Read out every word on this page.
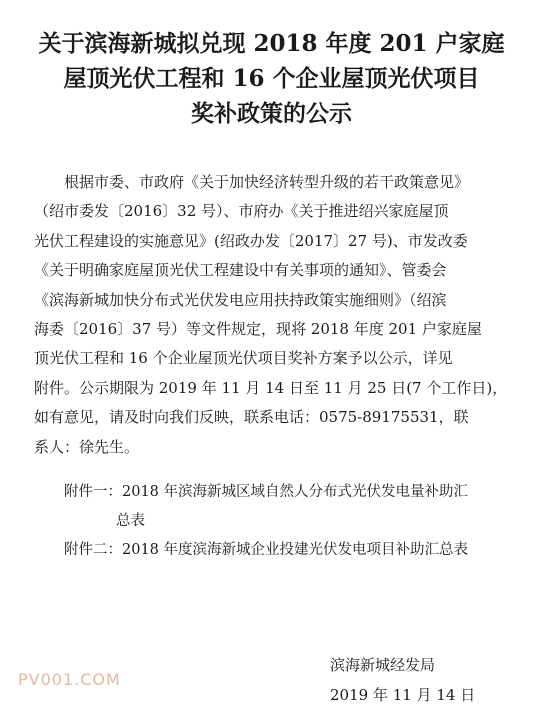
关于滨海新城拟兑现 2018 年度 201 户家庭
屋顶光伏工程和 16 个企业屋顶光伏项目
奖补政策的公示
根据市委、市政府《关于加快经济转型升级的若干政策意见》
（绍市委发〔2016〕32 号）、市府办《关于推进绍兴家庭屋顶
光伏工程建设的实施意见》(绍政办发〔2017〕27 号)、市发改委
《关于明确家庭屋顶光伏工程建设中有关事项的通知》、管委会
《滨海新城加快分布式光伏发电应用扶持政策实施细则》（绍滨
海委〔2016〕37 号）等文件规定，现将 2018 年度 201 户家庭屋
顶光伏工程和 16 个企业屋顶光伏项目奖补方案予以公示，详见
附件。公示期限为 2019 年 11 月 14 日至 11 月 25 日(7 个工作日)，
如有意见，请及时向我们反映，联系电话：0575-89175531，联
系人：徐先生。
附件一：2018 年滨海新城区域自然人分布式光伏发电量补助汇
总表
附件二：2018 年度滨海新城企业投建光伏发电项目补助汇总表
滨海新城经发局
2019 年 11 月 14 日
PV001.COM
